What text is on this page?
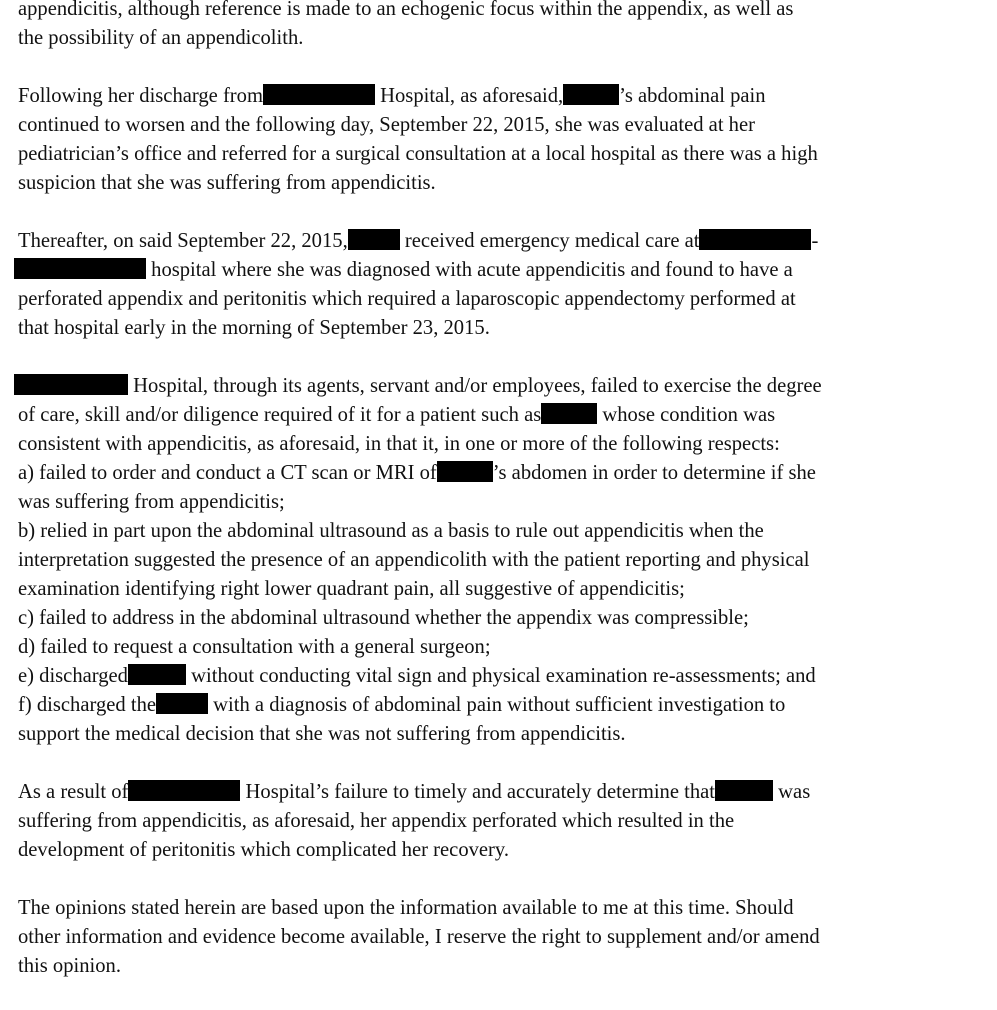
appendicitis, although reference is made to an echogenic focus within the appendix, as well as
the possibility of an appendicolith.
Following her discharge from	Hospital, as aforesaid,	’s abdominal pain
continued to worsen and the following day, September 22, 2015, she was evaluated at her
pediatrician’s office and referred for a surgical consultation at a local hospital as there was a high
suspicion that she was suffering from appendicitis.
Thereafter, on said September 22, 2015,	received emergency medical care at	-
hospital where she was diagnosed with acute appendicitis and found to have a
perforated appendix and peritonitis which required a laparoscopic appendectomy performed at
that hospital early in the morning of September 23, 2015.
Hospital, through its agents, servant and/or employees, failed to exercise the degree
of care, skill and/or diligence required of it for a patient such as	whose condition was
consistent with appendicitis, as aforesaid, in that it, in one or more of the following respects:
a) failed to order and conduct a CT scan or MRI of	’s abdomen in order to determine if she
was suffering from appendicitis;
b) relied in part upon the abdominal ultrasound as a basis to rule out appendicitis when the
interpretation suggested the presence of an appendicolith with the patient reporting and physical
examination identifying right lower quadrant pain, all suggestive of appendicitis;
c) failed to address in the abdominal ultrasound whether the appendix was compressible;
d) failed to request a consultation with a general surgeon;
e) discharged	without conducting vital sign and physical examination re-assessments; and
f) discharged the	with a diagnosis of abdominal pain without sufficient investigation to
support the medical decision that she was not suffering from appendicitis.
As a result of	Hospital’s failure to timely and accurately determine that	was
suffering from appendicitis, as aforesaid, her appendix perforated which resulted in the
development of peritonitis which complicated her recovery.
The opinions stated herein are based upon the information available to me at this time. Should
other information and evidence become available, I reserve the right to supplement and/or amend
this opinion.
